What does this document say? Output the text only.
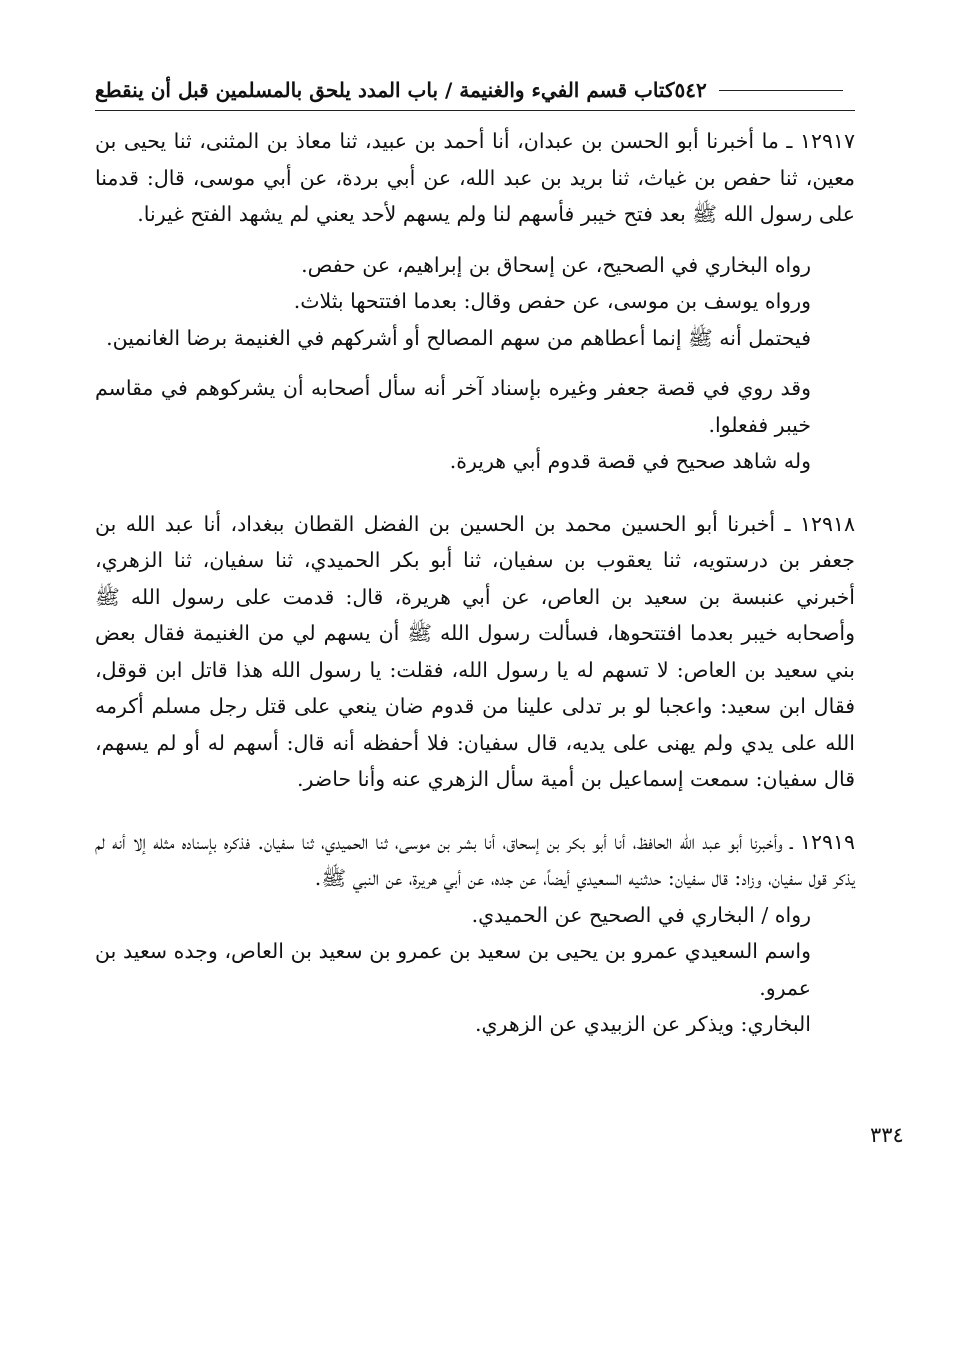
كتاب قسم الفيء والغنيمة / باب المدد يلحق بالمسلمين قبل أن ينقطع ٥٤٢

١٢٩١٧ ـ ما أخبرنا أبو الحسن بن عبدان، أنا أحمد بن عبيد، ثنا معاذ بن المثنى، ثنا يحيى بن معين، ثنا حفص بن غياث، ثنا بريد بن عبد الله، عن أبي بردة، عن أبي موسى، قال: قدمنا على رسول الله ﷺ بعد فتح خيبر فأسهم لنا ولم يسهم لأحد يعني لم يشهد الفتح غيرنا.

رواه البخاري في الصحيح، عن إسحاق بن إبراهيم، عن حفص.

ورواه يوسف بن موسى، عن حفص وقال: بعدما افتتحها بثلاث.

فيحتمل أنه ﷺ إنما أعطاهم من سهم المصالح أو أشركهم في الغنيمة برضا الغانمين.

وقد روي في قصة جعفر وغيره بإسناد آخر أنه سأل أصحابه أن يشركوهم في مقاسم خيبر ففعلوا.

وله شاهد صحيح في قصة قدوم أبي هريرة.

١٢٩١٨ ـ أخبرنا أبو الحسين محمد بن الحسين بن الفضل القطان ببغداد، أنا عبد الله بن جعفر بن درستويه، ثنا يعقوب بن سفيان، ثنا أبو بكر الحميدي، ثنا سفيان، ثنا الزهري، أخبرني عنبسة بن سعيد بن العاص، عن أبي هريرة، قال: قدمت على رسول الله ﷺ وأصحابه خيبر بعدما افتتحوها، فسألت رسول الله ﷺ أن يسهم لي من الغنيمة فقال بعض بني سعيد بن العاص: لا تسهم له يا رسول الله، فقلت: يا رسول الله هذا قاتل ابن قوقل، فقال ابن سعيد: واعجبا لو بر تدلى علينا من قدوم ضان ينعي على قتل رجل مسلم أكرمه الله على يدي ولم يهنى على يديه، قال سفيان: فلا أحفظه أنه قال: أسهم له أو لم يسهم، قال سفيان: سمعت إسماعيل بن أمية سأل الزهري عنه وأنا حاضر.

١٢٩١٩ ـ وأخبرنا أبو عبد الله الحافظ، أنا أبو بكر بن إسحاق، أنا بشر بن موسى، ثنا الحميدي، ثنا سفيان. فذكره بإسناده مثله إلا أنه لم يذكر قول سفيان، وزاد: قال سفيان: حدثنيه السعيدي أيضاً، عن جده، عن أبي هريرة، عن النبي ﷺ.

رواه / البخاري في الصحيح عن الحميدي.

واسم السعيدي عمرو بن يحيى بن سعيد بن عمرو بن سعيد بن العاص، وجده سعيد بن عمرو.

البخاري: ويذكر عن الزبيدي عن الزهري.

٣٣٤
